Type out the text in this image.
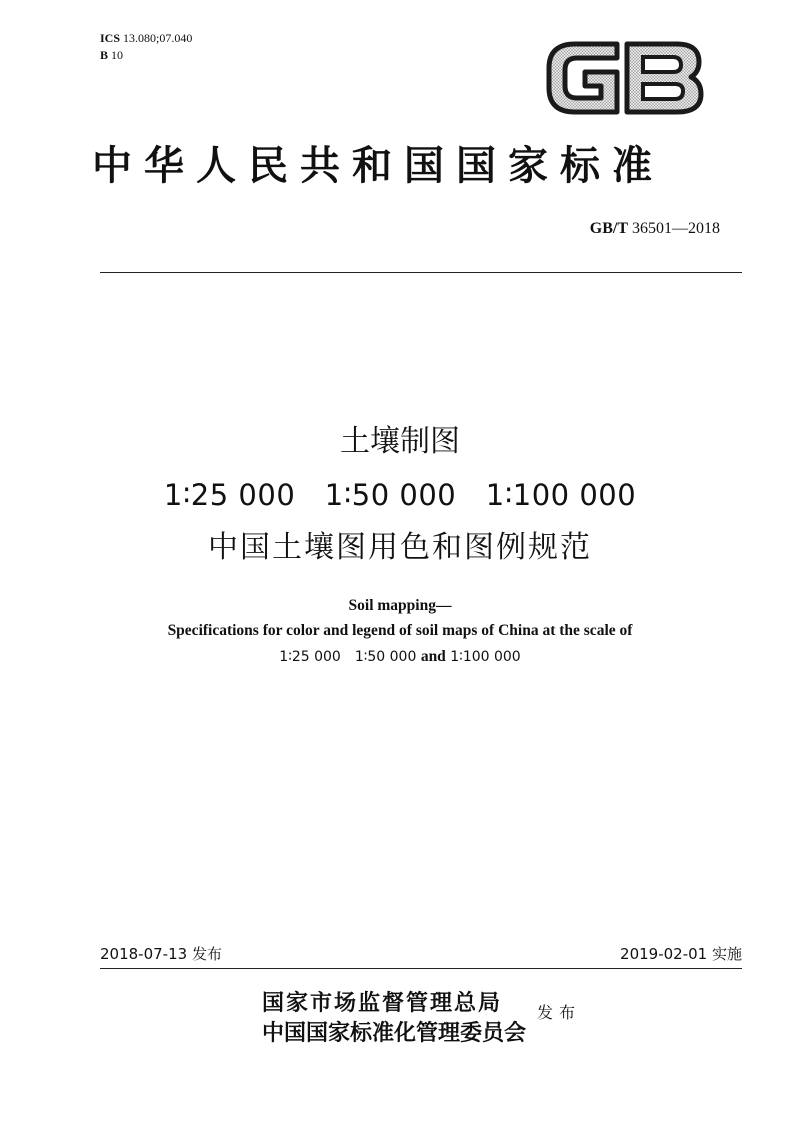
ICS 13.080;07.040
B 10
中华人民共和国国家标准
GB/T 36501—2018
土壤制图
1∶25 000　1∶50 000　1∶100 000
中国土壤图用色和图例规范
Soil mapping—
Specifications for color and legend of soil maps of China at the scale of
1∶25 000　1∶50 000 and 1∶100 000
2018-07-13 发布	2019-02-01 实施
国家市场监督管理总局
中国国家标准化管理委员会
发布
